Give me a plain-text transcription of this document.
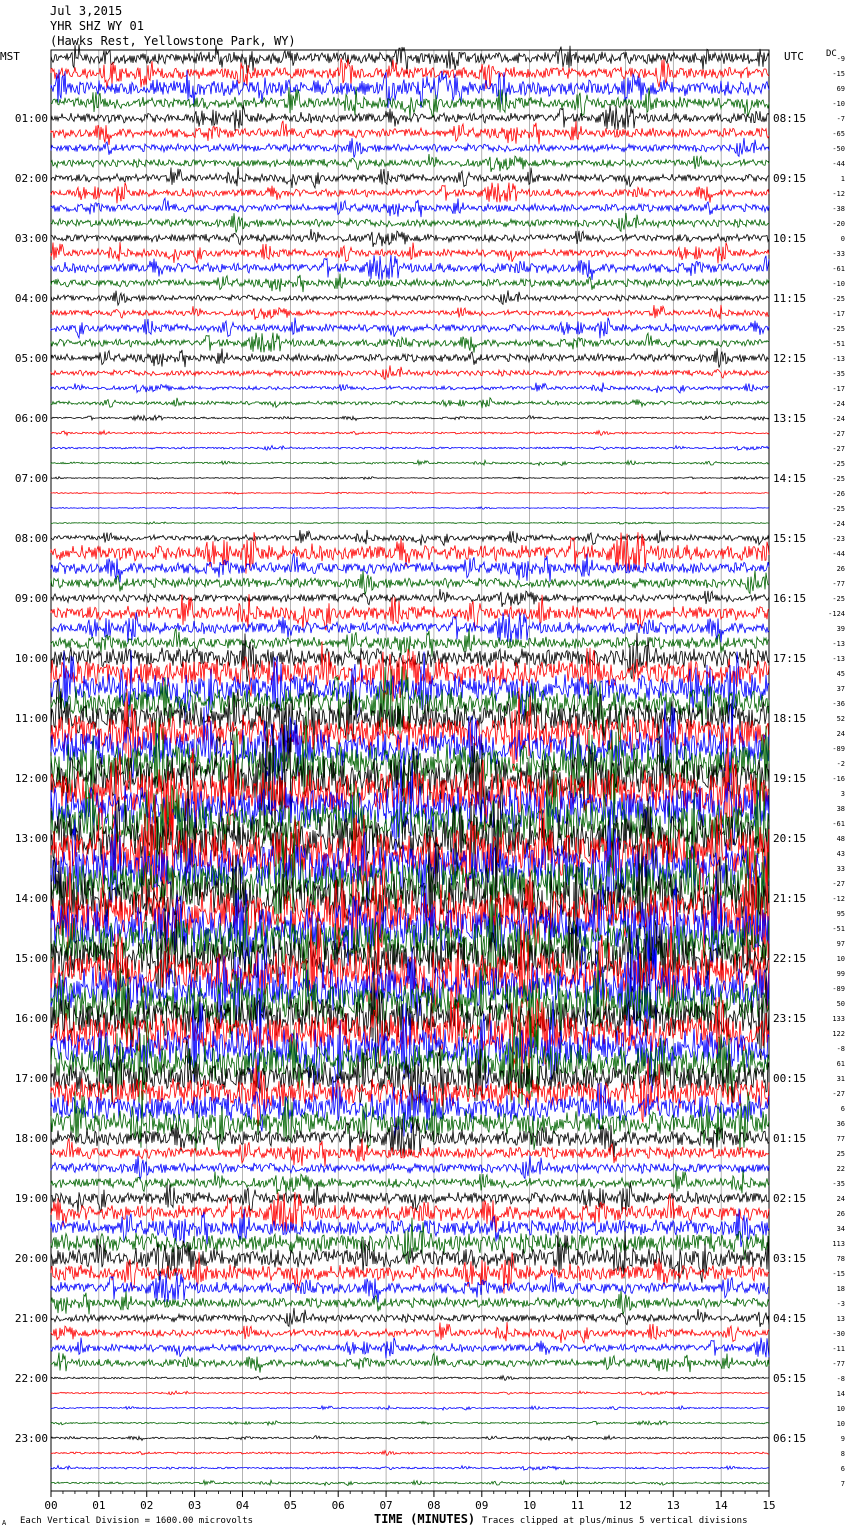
Jul 3,2015
YHR SHZ WY 01
(Hawks Rest, Yellowstone Park, WY)
MST	UTC DC -9
-15
69
-10
-7
-65
-50
-44
1
-12
-38
-20
0
-33
-61
-10
-25
-17
-25
-51
-13
-35
-17
-24
-24
-27
-27
-25
-25
-26
-25
-24
-23
-44
26
-77
-25
-124
39
-13
-13
45
37
-36
52
24
-89
-2
-16
3
38
-61
48
43
33
-27
-12
95
-51
97
10
99
-89
50
133
122
-8
61
31
-27
6
36
77
25
22
-35
24
26
34
113
78
-15
18
-3
13
-30
-11
-77
-8
14
10
10
9
8
6
7
01:00
02:00
03:00
04:00
05:00
06:00
07:00
08:00
09:00
10:00
11:00
12:00
13:00
14:00
15:00
16:00
17:00
18:00
19:00
20:00
21:00
22:00
23:00
08:15
09:15
10:15
11:15
12:15
13:15
14:15
15:15
16:15
17:15
18:15
19:15
20:15
21:15
22:15
23:15
00:15
01:15
02:15
03:15
04:15
05:15
06:15
00	01	02	03	04	05	06	07	08	09	10	11	12	13	14	15
A Each Vertical Division = 1600.00 microvolts	TIME (MINUTES) Traces clipped at plus/minus 5 vertical divisions
